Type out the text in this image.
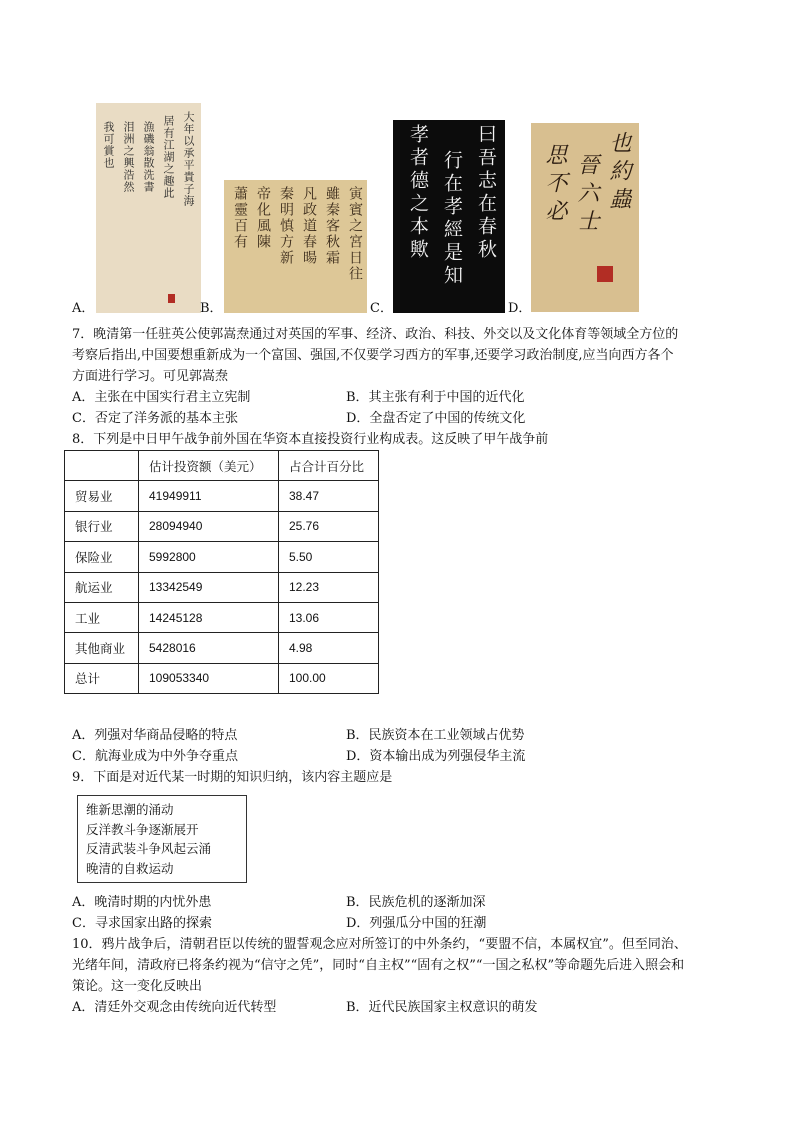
大年以承平貴子海
居有江湖之趣此
漁磯翁散洗書
泪洲之興浩然
我可賞也
A．
寅賓之宮日往
雖秦客秋霜
凡政道春暘
秦明慎方新
帝化風陳
蕭靈百有
B．
曰吾志在春秋
行在孝經是知
孝者德之本歟
C．
也約蟲
晉六士
思不必
D．
7．晚清第一任驻英公使郭嵩焘通过对英国的军事、经济、政治、科技、外交以及文化体育等领域全方位的
考察后指出,中国要想重新成为一个富国、强国,不仅要学习西方的军事,还要学习政治制度,应当向西方各个
方面进行学习。可见郭嵩焘
A．主张在中国实行君主立宪制	B．其主张有利于中国的近代化
C．否定了洋务派的基本主张	D．全盘否定了中国的传统文化
8．下列是中日甲午战争前外国在华资本直接投资行业构成表。这反映了甲午战争前
	估计投资额（美元）	占合计百分比
贸易业	41949911	38.47
银行业	28094940	25.76
保险业	5992800	5.50
航运业	13342549	12.23
工业	14245128	13.06
其他商业	5428016	4.98
总计	109053340	100.00
A．列强对华商品侵略的特点	B．民族资本在工业领域占优势
C．航海业成为中外争夺重点	D．资本输出成为列强侵华主流
9．下面是对近代某一时期的知识归纳，该内容主题应是
维新思潮的涌动
反洋教斗争逐渐展开
反清武装斗争风起云涌
晚清的自救运动
A．晚清时期的内忧外患	B．民族危机的逐渐加深
C．寻求国家出路的探索	D．列强瓜分中国的狂潮
10．鸦片战争后，清朝君臣以传统的盟誓观念应对所签订的中外条约，“要盟不信，本属权宜”。但至同治、
光绪年间，清政府已将条约视为“信守之凭”，同时“自主权”“固有之权”“一国之私权”等命题先后进入照会和
策论。这一变化反映出
A．清廷外交观念由传统向近代转型	B．近代民族国家主权意识的萌发
